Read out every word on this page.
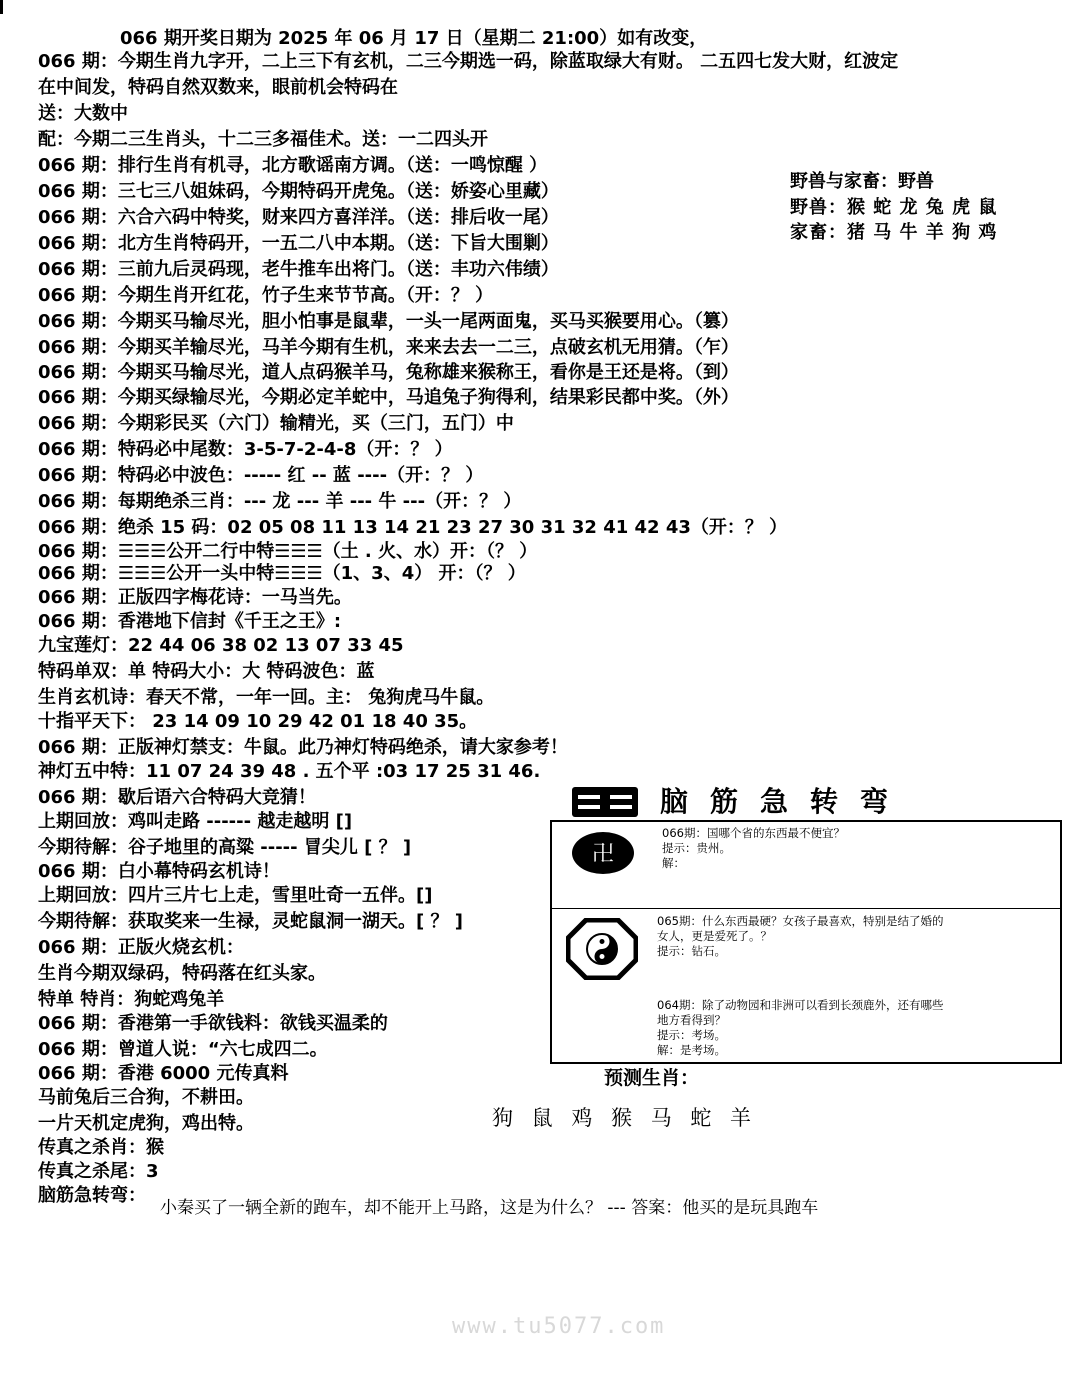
066 期开奖日期为 2025 年 06 月 17 日（星期二 21:00）如有改变，
066 期：今期生肖九字开，二上三下有玄机，二三今期选一码，除蓝取绿大有财。 二五四七发大财，红波定
在中间发，特码自然双数来，眼前机会特码在
送：大数中
配：今期二三生肖头，十二三多福佳术。送：一二四头开
066 期：排行生肖有机寻，北方歌谣南方调。（送：一鸣惊醒 ）
066 期：三七三八姐妹码，今期特码开虎兔。（送：娇姿心里藏）
066 期：六合六码中特奖，财来四方喜洋洋。（送：排后收一尾）
066 期：北方生肖特码开，一五二八中本期。（送：下旨大围剿）
066 期：三前九后灵码现，老牛推车出将门。（送：丰功六伟绩）
066 期：今期生肖开红花，竹子生来节节高。（开：？ ）
066 期：今期买马输尽光，胆小怕事是鼠辈，一头一尾两面鬼，买马买猴要用心。（篡）
066 期：今期买羊输尽光，马羊今期有生机，来来去去一二三，点破玄机无用猜。（乍）
066 期：今期买马输尽光，道人点码猴羊马，兔称雄来猴称王，看你是王还是将。（到）
066 期：今期买绿输尽光，今期必定羊蛇中，马追兔子狗得利，结果彩民都中奖。（外）
066 期：今期彩民买（六门）输精光，买（三门，五门）中
066 期：特码必中尾数：3-5-7-2-4-8（开：？ ）
066 期：特码必中波色：----- 红 -- 蓝 ----（开：？ ）
066 期：每期绝杀三肖：--- 龙 --- 羊 --- 牛 ---（开：？ ）
066 期：绝杀 15 码：02 05 08 11 13 14 21 23 27 30 31 32 41 42 43（开：？ ）
066 期：☰☰☰公开二行中特☰☰☰（土 . 火、水）开：（？ ）
066 期：☰☰☰公开一头中特☰☰☰（1、3、4） 开：（？ ）
066 期：正版四字梅花诗：一马当先。
066 期：香港地下信封《千王之王》:
九宝莲灯：22 44 06 38 02 13 07 33 45
特码单双：单 特码大小：大 特码波色：蓝
生肖玄机诗：春天不常，一年一回。主： 兔狗虎马牛鼠。
十指平天下： 23 14 09 10 29 42 01 18 40 35。
066 期：正版神灯禁支：牛鼠。此乃神灯特码绝杀，请大家参考！
神灯五中特：11 07 24 39 48 . 五个平 :03 17 25 31 46.
066 期：歇后语六合特码大竞猜！
上期回放：鸡叫走路 ------ 越走越明 []
今期待解：谷子地里的高粱 ----- 冒尖儿 [ ？ ]
066 期：白小幕特码玄机诗！
上期回放：四片三片七上走，雪里吐奇一五伴。[]
今期待解：获取奖来一生禄，灵蛇鼠洞一湖天。[ ？ ]
066 期：正版火烧玄机：
生肖今期双绿码，特码落在红头家。
特单 特肖：狗蛇鸡兔羊
066 期：香港第一手欲钱料：欲钱买温柔的
066 期：曾道人说：“六七成四二。
066 期：香港 6000 元传真料
马前兔后三合狗，不耕田。
一片天机定虎狗，鸡出特。
传真之杀肖：猴
传真之杀尾：3
脑筋急转弯：
野兽与家畜：野兽
野兽：猴 蛇 龙 兔 虎 鼠
家畜：猪 马 牛 羊 狗 鸡
脑筋急转弯
卍
066期：国哪个省的东西最不便宜？
提示：贵州。
解：
065期：什么东西最硬？女孩子最喜欢，特别是结了婚的
女人，更是爱死了。？
提示：钻石。
064期：除了动物园和非洲可以看到长颈鹿外，还有哪些
地方看得到？
提示：考场。
解：是考场。
预测生肖：
狗 鼠 鸡 猴 马 蛇 羊
小秦买了一辆全新的跑车，却不能开上马路，这是为什么？ --- 答案：他买的是玩具跑车
www.tu5077.com
